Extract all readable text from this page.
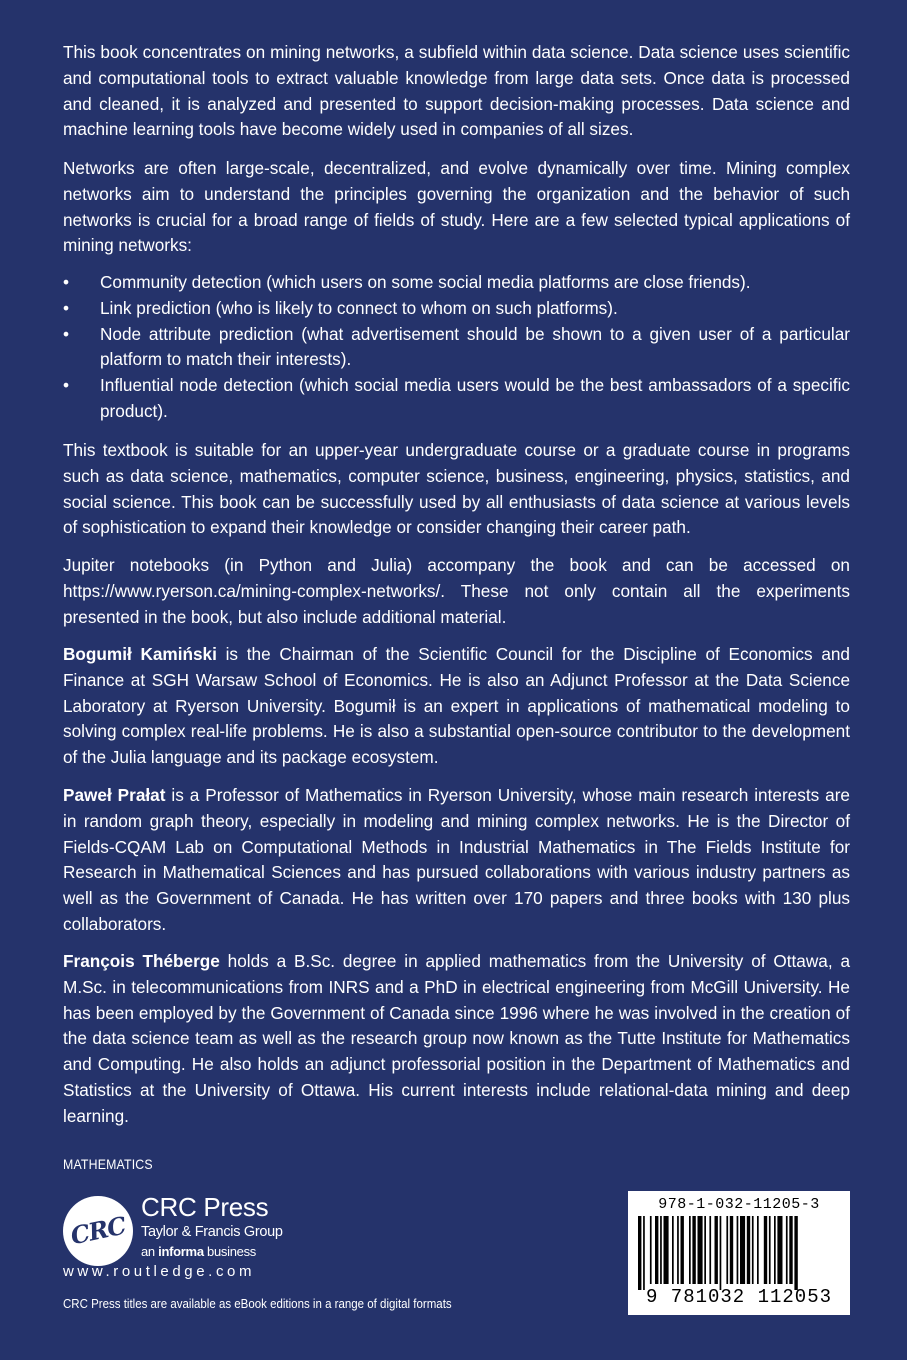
This book concentrates on mining networks, a subfield within data science. Data science uses scientific and computational tools to extract valuable knowledge from large data sets. Once data is processed and cleaned, it is analyzed and presented to support decision-making processes. Data science and machine learning tools have become widely used in companies of all sizes.

Networks are often large-scale, decentralized, and evolve dynamically over time. Mining complex networks aim to understand the principles governing the organization and the behavior of such networks is crucial for a broad range of fields of study. Here are a few selected typical applications of mining networks:

• Community detection (which users on some social media platforms are close friends).
• Link prediction (who is likely to connect to whom on such platforms).
• Node attribute prediction (what advertisement should be shown to a given user of a particular platform to match their interests).
• Influential node detection (which social media users would be the best ambassadors of a specific product).

This textbook is suitable for an upper-year undergraduate course or a graduate course in programs such as data science, mathematics, computer science, business, engineering, physics, statistics, and social science. This book can be successfully used by all enthusiasts of data science at various levels of sophistication to expand their knowledge or consider changing their career path.

Jupiter notebooks (in Python and Julia) accompany the book and can be accessed on https://www.ryerson.ca/mining-complex-networks/. These not only contain all the experiments presented in the book, but also include additional material.

Bogumił Kamiński is the Chairman of the Scientific Council for the Discipline of Economics and Finance at SGH Warsaw School of Economics. He is also an Adjunct Professor at the Data Science Laboratory at Ryerson University. Bogumił is an expert in applications of mathematical modeling to solving complex real-life problems. He is also a substantial open-source contributor to the development of the Julia language and its package ecosystem.

Paweł Prałat is a Professor of Mathematics in Ryerson University, whose main research interests are in random graph theory, especially in modeling and mining complex networks. He is the Director of Fields-CQAM Lab on Computational Methods in Industrial Mathematics in The Fields Institute for Research in Mathematical Sciences and has pursued collaborations with various industry partners as well as the Government of Canada. He has written over 170 papers and three books with 130 plus collaborators.

François Théberge holds a B.Sc. degree in applied mathematics from the University of Ottawa, a M.Sc. in telecommunications from INRS and a PhD in electrical engineering from McGill University. He has been employed by the Government of Canada since 1996 where he was involved in the creation of the data science team as well as the research group now known as the Tutte Institute for Mathematics and Computing. He also holds an adjunct professorial position in the Department of Mathematics and Statistics at the University of Ottawa. His current interests include relational-data mining and deep learning.

MATHEMATICS
CRC
CRC Press
Taylor & Francis Group
an informa business
www.routledge.com
CRC Press titles are available as eBook editions in a range of digital formats
978-1-032-11205-3
9 781032 112053
